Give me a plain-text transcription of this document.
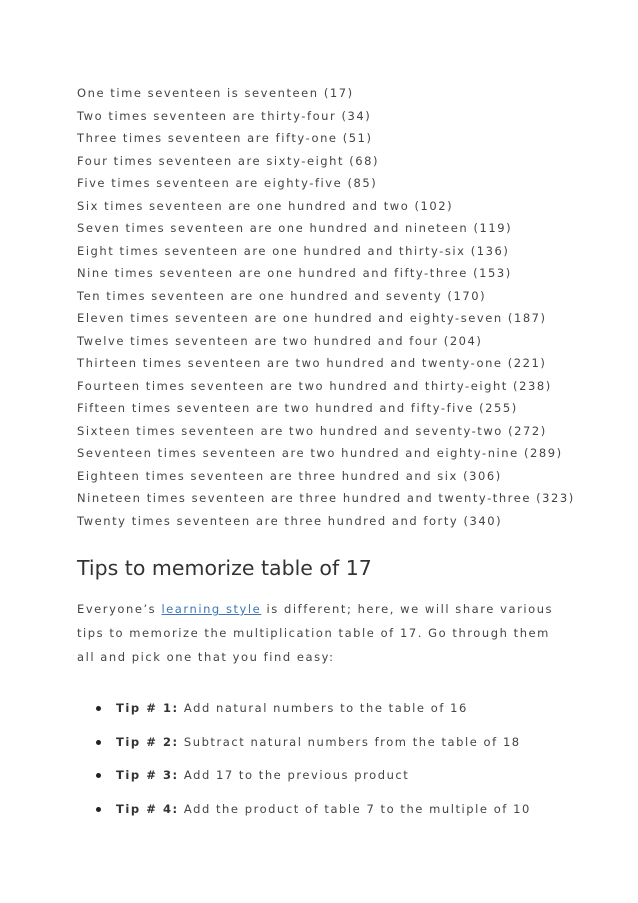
One time seventeen is seventeen (17)
Two times seventeen are thirty-four (34)
Three times seventeen are fifty-one (51)
Four times seventeen are sixty-eight (68)
Five times seventeen are eighty-five (85)
Six times seventeen are one hundred and two (102)
Seven times seventeen are one hundred and nineteen (119)
Eight times seventeen are one hundred and thirty-six (136)
Nine times seventeen are one hundred and fifty-three (153)
Ten times seventeen are one hundred and seventy (170)
Eleven times seventeen are one hundred and eighty-seven (187)
Twelve times seventeen are two hundred and four (204)
Thirteen times seventeen are two hundred and twenty-one (221)
Fourteen times seventeen are two hundred and thirty-eight (238)
Fifteen times seventeen are two hundred and fifty-five (255)
Sixteen times seventeen are two hundred and seventy-two (272)
Seventeen times seventeen are two hundred and eighty-nine (289)
Eighteen times seventeen are three hundred and six (306)
Nineteen times seventeen are three hundred and twenty-three (323)
Twenty times seventeen are three hundred and forty (340)
Tips to memorize table of 17

Everyone’s learning style is different; here, we will share various tips to memorize the multiplication table of 17. Go through them all and pick one that you find easy:

Tip # 1: Add natural numbers to the table of 16
Tip # 2: Subtract natural numbers from the table of 18
Tip # 3: Add 17 to the previous product
Tip # 4: Add the product of table 7 to the multiple of 10
